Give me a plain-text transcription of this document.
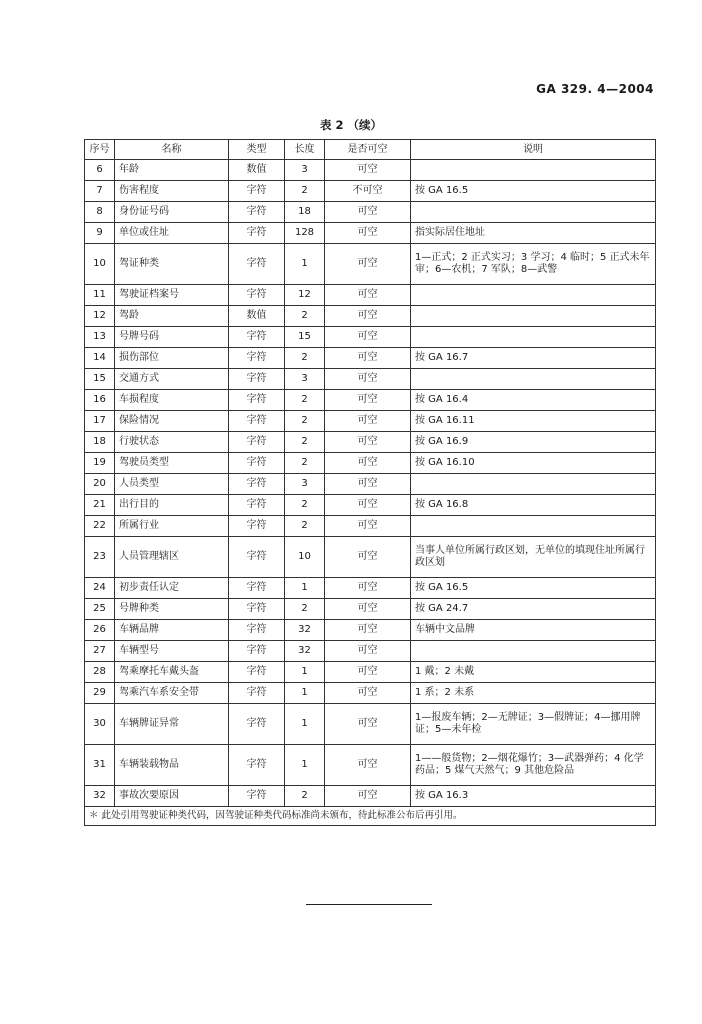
GA 329. 4—2004
表 2 （续）
序号	名称	类型	长度	是否可空	说明
6	年龄	数值	3	可空	
7	伤害程度	字符	2	不可空	按 GA 16.5
8	身份证号码	字符	18	可空	
9	单位或住址	字符	128	可空	指实际居住地址
10	驾证种类	字符	1	可空	1—正式；2 正式实习；3 学习；4 临时；5 正式未年审；6—农机；7 军队；8—武警
11	驾驶证档案号	字符	12	可空	
12	驾龄	数值	2	可空	
13	号牌号码	字符	15	可空	
14	损伤部位	字符	2	可空	按 GA 16.7
15	交通方式	字符	3	可空	
16	车损程度	字符	2	可空	按 GA 16.4
17	保险情况	字符	2	可空	按 GA 16.11
18	行驶状态	字符	2	可空	按 GA 16.9
19	驾驶员类型	字符	2	可空	按 GA 16.10
20	人员类型	字符	3	可空	
21	出行目的	字符	2	可空	按 GA 16.8
22	所属行业	字符	2	可空	
23	人员管理辖区	字符	10	可空	当事人单位所属行政区划，无单位的填现住址所属行政区划
24	初步责任认定	字符	1	可空	按 GA 16.5
25	号牌种类	字符	2	可空	按 GA 24.7
26	车辆品牌	字符	32	可空	车辆中文品牌
27	车辆型号	字符	32	可空	
28	驾乘摩托车戴头盔	字符	1	可空	1 戴；2 未戴
29	驾乘汽车系安全带	字符	1	可空	1 系；2 未系
30	车辆牌证异常	字符	1	可空	1—报废车辆；2—无牌证；3—假牌证；4—挪用牌证；5—未年检
31	车辆装载物品	字符	1	可空	1——般货物；2—烟花爆竹；3—武器弹药；4 化学药品；5 煤气天然气；9 其他危险品
32	事故次要原因	字符	2	可空	按 GA 16.3
＊ 此处引用驾驶证种类代码，因驾驶证种类代码标准尚未颁布，待此标准公布后再引用。					
